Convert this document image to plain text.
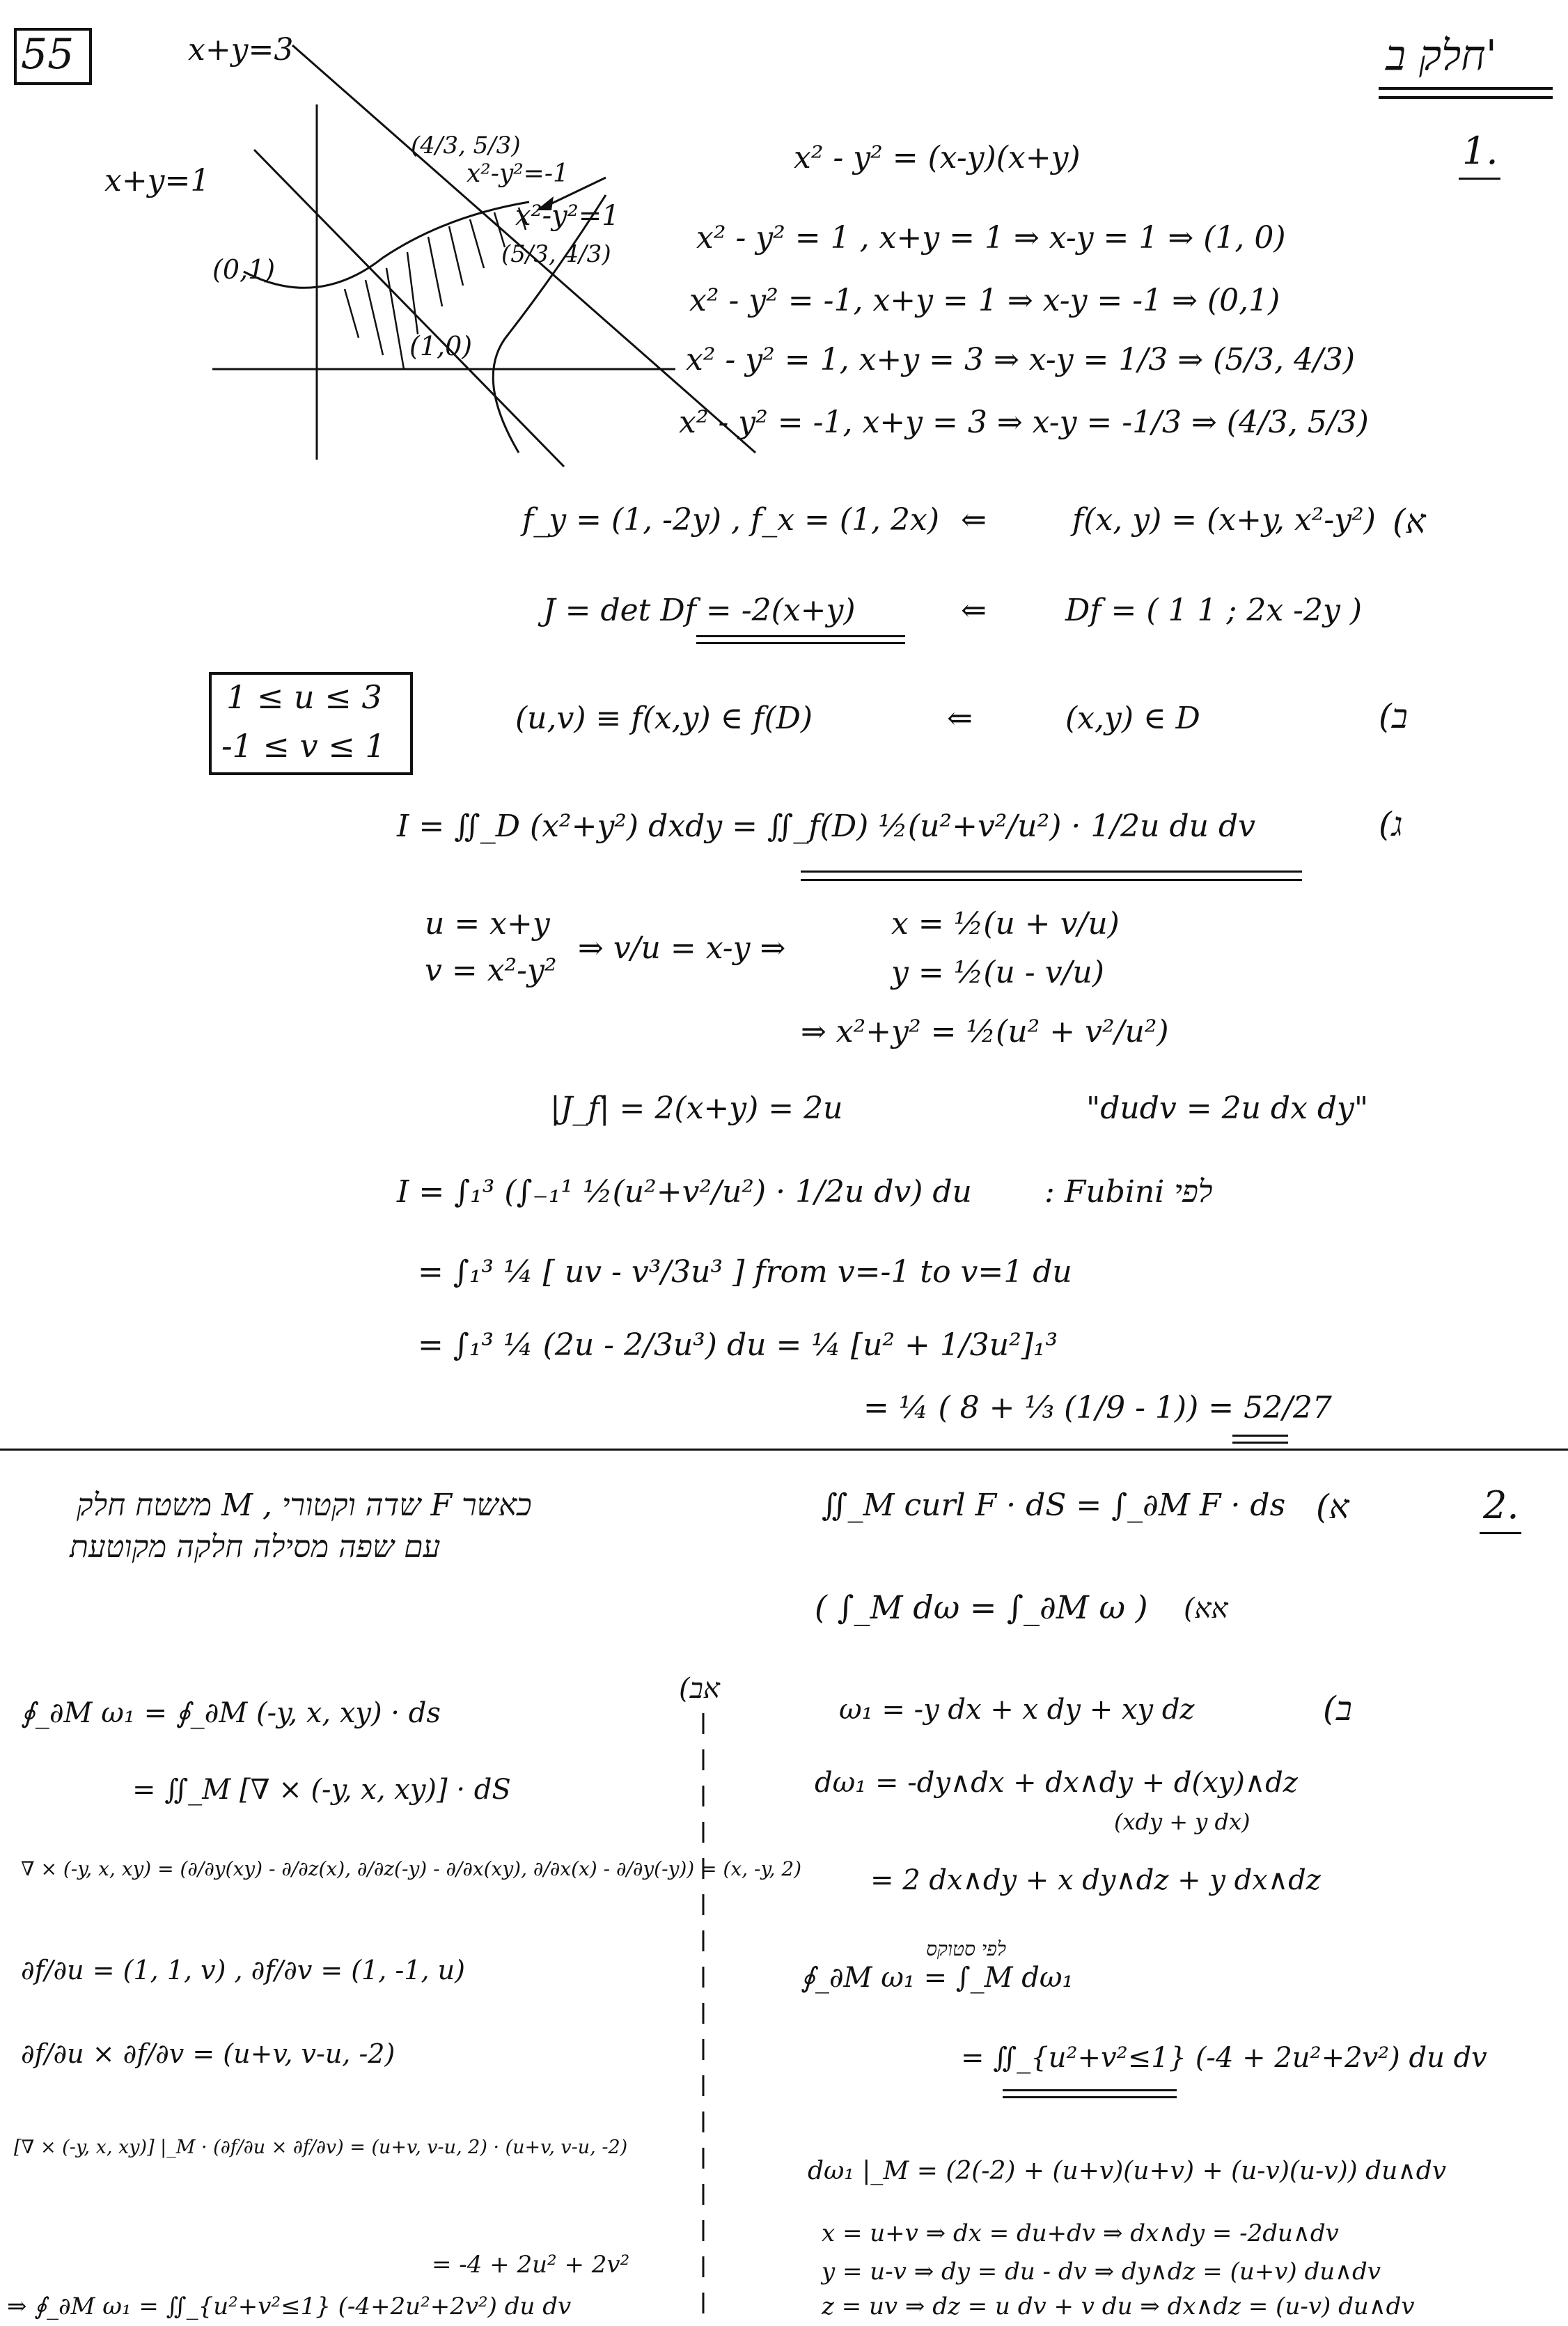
55	חלק ב'
1.
x+y=3
x+y=1	x²-y²=-1
x²-y²=1
(4/3, 5/3)
(5/3, 4/3)
(0,1)
(1,0)
x² - y² = (x-y)(x+y)
x² - y² = 1 , x+y = 1 ⇒ x-y = 1 ⇒ (1, 0)
x² - y² = -1, x+y = 1 ⇒ x-y = -1 ⇒ (0,1)
x² - y² = 1, x+y = 3 ⇒ x-y = 1/3 ⇒ (5/3, 4/3)
x² - y² = -1, x+y = 3 ⇒ x-y = -1/3 ⇒ (4/3, 5/3)
(א
f_y = (1, -2y) , f_x = (1, 2x) ⇐	f(x, y) = (x+y, x²-y²)
J = det Df = -2(x+y)	⇐	Df = ( 1 1 ; 2x -2y )
1 ≤ u ≤ 3
-1 ≤ v ≤ 1
(u,v) ≡ f(x,y) ∈ f(D)	⇐	(x,y) ∈ D	(ב
I = ∬_D (x²+y²) dxdy = ∬_f(D) ½(u²+v²/u²) · 1/2u du dv	(ג
u = x+y
v = x²-y²
⇒ v/u = x-y ⇒
x = ½(u + v/u)
y = ½(u - v/u)
⇒ x²+y² = ½(u² + v²/u²)
|J_f| = 2(x+y) = 2u	"dudv = 2u dx dy"
I = ∫₁³ (∫₋₁¹ ½(u²+v²/u²) · 1/2u dv) du : Fubini לפי
= ∫₁³ ¼ [ uv - v³/3u³ ] from v=-1 to v=1 du
= ∫₁³ ¼ (2u - 2/3u³) du = ¼ [u² + 1/3u²]₁³
= ¼ ( 8 + ⅓ (1/9 - 1)) = 52/27
2.
(א
∬_M curl F · dS = ∫_∂M F · ds
כאשר F שדה וקטורי , M משטח חלק
עם שפה מסילה חלקה מקוטעת
( ∫_M dω = ∫_∂M ω ) (אא
∮_∂M ω₁ = ∮_∂M (-y, x, xy) · ds
= ∬_M [∇ × (-y, x, xy)] · dS
∇ × (-y, x, xy) = (∂/∂y(xy) - ∂/∂z(x), ∂/∂z(-y) - ∂/∂x(xy), ∂/∂x(x) - ∂/∂y(-y)) = (x, -y, 2)
∂f/∂u = (1, 1, v) , ∂f/∂v = (1, -1, u)
∂f/∂u × ∂f/∂v = (u+v, v-u, -2)
[∇ × (-y, x, xy)] |_M · (∂f/∂u × ∂f/∂v) = (u+v, v-u, 2) · (u+v, v-u, -2)
= -4 + 2u² + 2v²
⇒ ∮_∂M ω₁ = ∬_{u²+v²≤1} (-4+2u²+2v²) du dv
(אב
(ב
ω₁ = -y dx + x dy + xy dz
dω₁ = -dy∧dx + dx∧dy + d(xy)∧dz
(xdy + y dx)
= 2 dx∧dy + x dy∧dz + y dx∧dz
∮_∂M ω₁ = ∫_M dω₁
לפי סטוקס
= ∬_{u²+v²≤1} (-4 + 2u²+2v²) du dv
dω₁ |_M = (2(-2) + (u+v)(u+v) + (u-v)(u-v)) du∧dv
x = u+v ⇒ dx = du+dv ⇒ dx∧dy = -2du∧dv
y = u-v ⇒ dy = du - dv ⇒ dy∧dz = (u+v) du∧dv
z = uv ⇒ dz = u dv + v du ⇒ dx∧dz = (u-v) du∧dv
